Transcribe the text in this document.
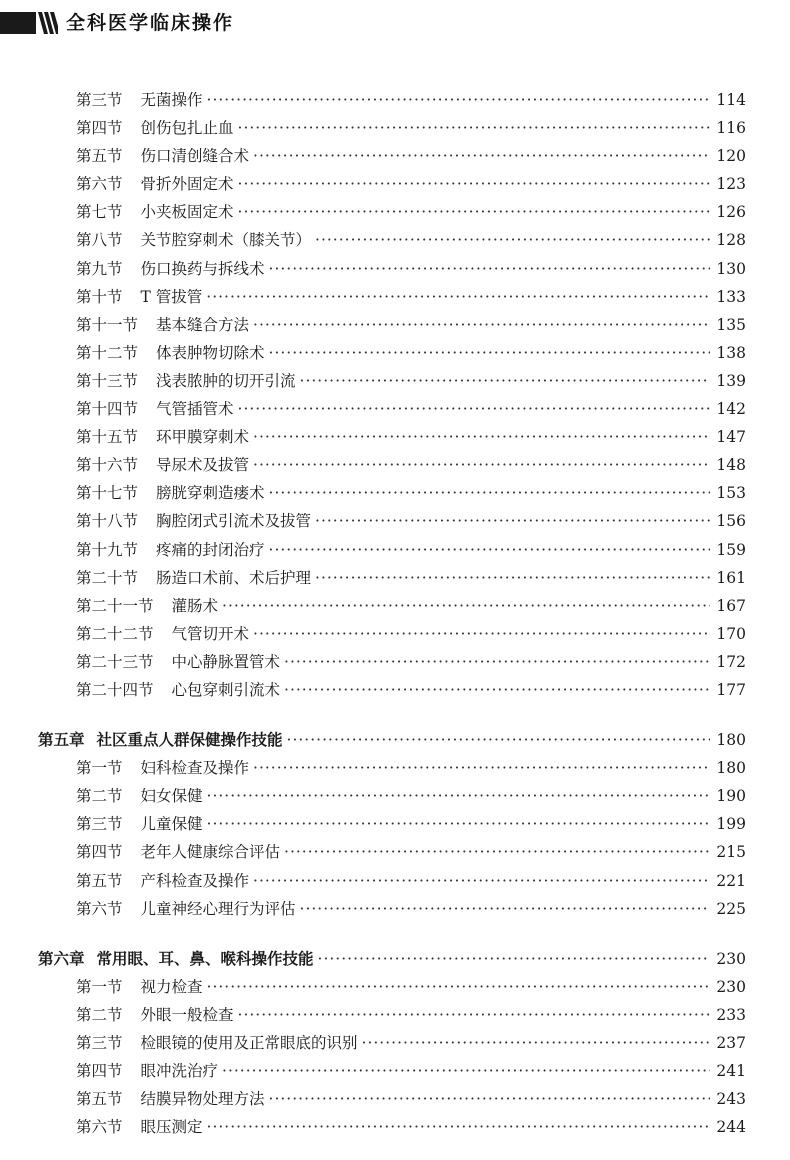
全科医学临床操作
第三节 无菌操作 ·····	114
第四节 创伤包扎止血 ·····	116
第五节 伤口清创缝合术 ·····	120
第六节 骨折外固定术 ·····	123
第七节 小夹板固定术 ·····	126
第八节 关节腔穿刺术（膝关节） ·····	128
第九节 伤口换药与拆线术 ·····	130
第十节 T 管拔管 ·····	133
第十一节 基本缝合方法 ·····	135
第十二节 体表肿物切除术 ·····	138
第十三节 浅表脓肿的切开引流 ·····	139
第十四节 气管插管术 ·····	142
第十五节 环甲膜穿刺术 ·····	147
第十六节 导尿术及拔管 ·····	148
第十七节 膀胱穿刺造瘘术 ·····	153
第十八节 胸腔闭式引流术及拔管 ·····	156
第十九节 疼痛的封闭治疗 ·····	159
第二十节 肠造口术前、术后护理 ·····	161
第二十一节 灌肠术 ·····	167
第二十二节 气管切开术 ·····	170
第二十三节 中心静脉置管术 ·····	172
第二十四节 心包穿刺引流术 ·····	177
第五章 社区重点人群保健操作技能 ·····	180
第一节 妇科检查及操作 ·····	180
第二节 妇女保健 ·····	190
第三节 儿童保健 ·····	199
第四节 老年人健康综合评估 ·····	215
第五节 产科检查及操作 ·····	221
第六节 儿童神经心理行为评估 ·····	225
第六章 常用眼、耳、鼻、喉科操作技能 ·····	230
第一节 视力检查 ·····	230
第二节 外眼一般检查 ·····	233
第三节 检眼镜的使用及正常眼底的识别 ·····	237
第四节 眼冲洗治疗 ·····	241
第五节 结膜异物处理方法 ·····	243
第六节 眼压测定 ·····	244
